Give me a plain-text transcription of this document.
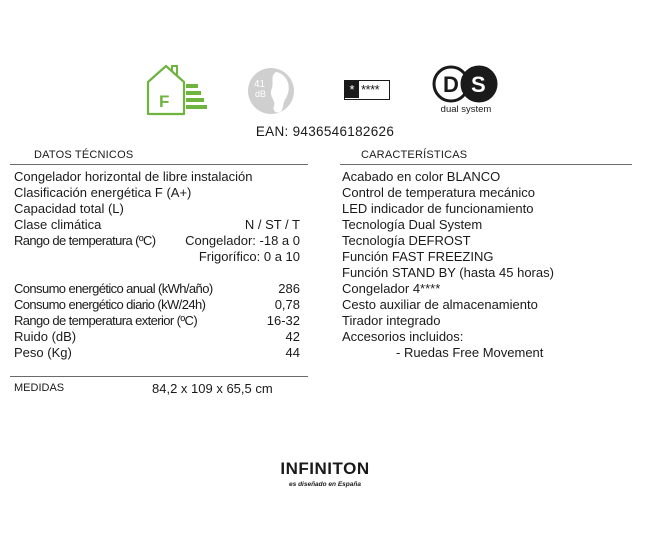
F
41
dB	* ****	D S
dual system
EAN: 9436546182626
DATOS TÉCNICOS	CARACTERÍSTICAS
Congelador horizontal de libre instalación
Clasificación energética F (A+)
Capacidad total (L)
Clase climática	N / ST / T
Rango de temperatura (ºC) Congelador: -18 a 0
Frigorífico: 0 a 10
Consumo energético anual (kWh/año)	286
Consumo energético diario (kW/24h)	0,78
Rango de temperatura exterior (ºC)	16-32
Ruido (dB)	42
Peso (Kg)	44
MEDIDAS	84,2 x 109 x 65,5 cm
Acabado en color BLANCO
Control de temperatura mecánico
LED indicador de funcionamiento
Tecnología Dual System
Tecnología DEFROST
Función FAST FREEZING
Función STAND BY (hasta 45 horas)
Congelador 4****
Cesto auxiliar de almacenamiento
Tirador integrado
Accesorios incluidos:
- Ruedas Free Movement
INFINITON
es diseñado en España
